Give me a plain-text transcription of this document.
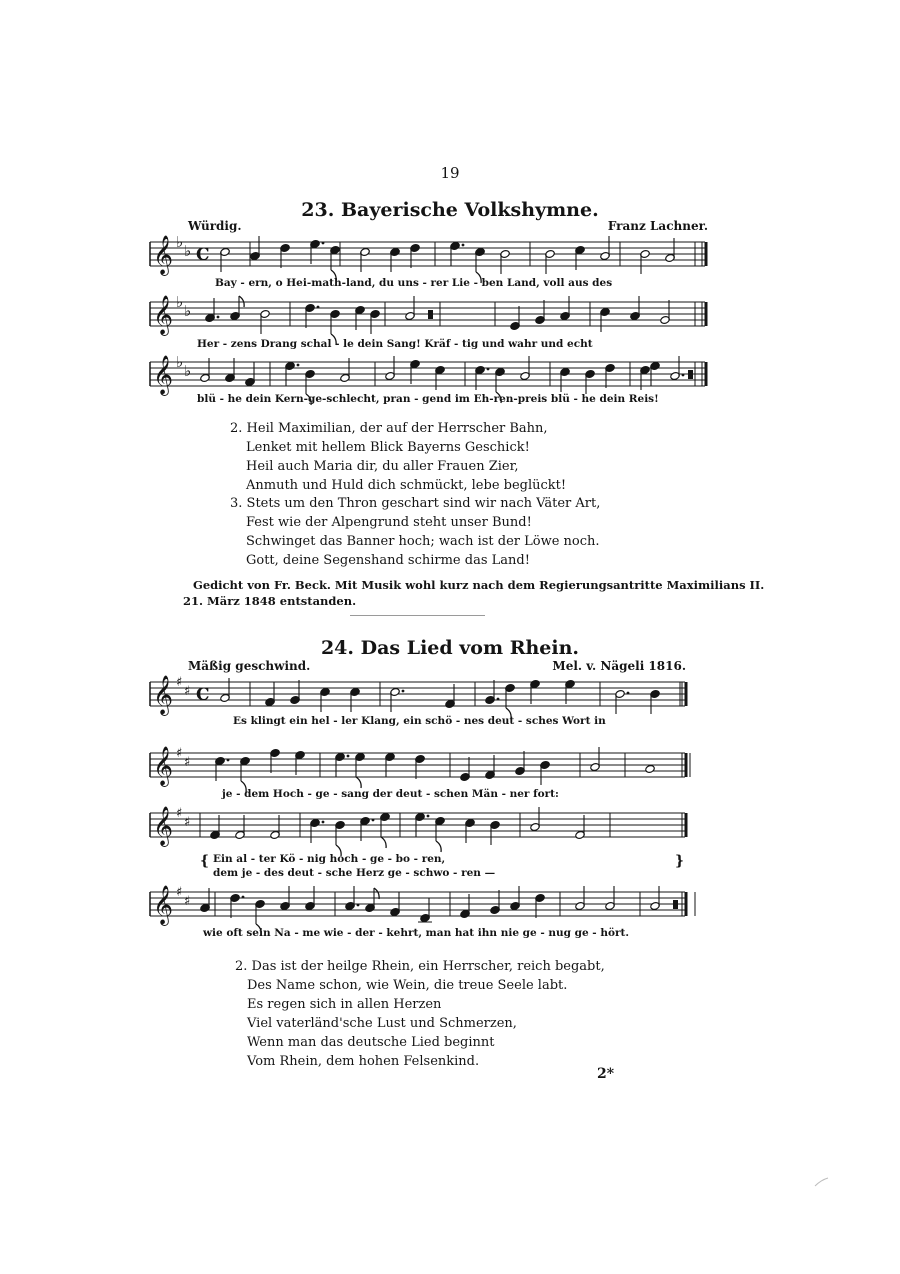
19
23. Bayerische Volkshymne.
Würdig.	Franz Lachner.
𝄞 ♭ ♭ C
Bay - ern, o Hei-math-land, du uns - rer Lie - ben Land, voll aus des
𝄞 ♭ ♭
Her - zens Drang schal - le dein Sang! Kräf - tig und wahr und echt
𝄞 ♭ ♭
blü - he dein Kern-ge-schlecht, pran - gend im Eh-ren-preis blü - he dein Reis!
2. Heil Maximilian, der auf der Herrscher Bahn,
Lenket mit hellem Blick Bayerns Geschick!
Heil auch Maria dir, du aller Frauen Zier,
Anmuth und Huld dich schmückt, lebe beglückt!
3. Stets um den Thron geschart sind wir nach Väter Art,
Fest wie der Alpengrund steht unser Bund!
Schwinget das Banner hoch; wach ist der Löwe noch.
Gott, deine Segenshand schirme das Land!
Gedicht von Fr. Beck. Mit Musik wohl kurz nach dem Regierungsantritte Maximilians II.
21. März 1848 entstanden.
24. Das Lied vom Rhein.
Mäßig geschwind.	Mel. v. Nägeli 1816.
𝄞 ♯
♯ C
Es klingt ein hel - ler Klang, ein schö - nes deut - sches Wort in
𝄞 ♯
♯
je - dem Hoch - ge - sang der deut - schen Män - ner fort:
𝄞 ♯
♯
{ Ein al - ter Kö - nig hoch - ge - bo - ren,
dem je - des deut - sche Herz ge - schwo - ren —
}
𝄞 ♯
♯
wie oft sein Na - me wie - der - kehrt, man hat ihn nie ge - nug ge - hört.
2. Das ist der heilge Rhein, ein Herrscher, reich begabt,
Des Name schon, wie Wein, die treue Seele labt.
Es regen sich in allen Herzen
Viel vaterländ'sche Lust und Schmerzen,
Wenn man das deutsche Lied beginnt
Vom Rhein, dem hohen Felsenkind.
2*
